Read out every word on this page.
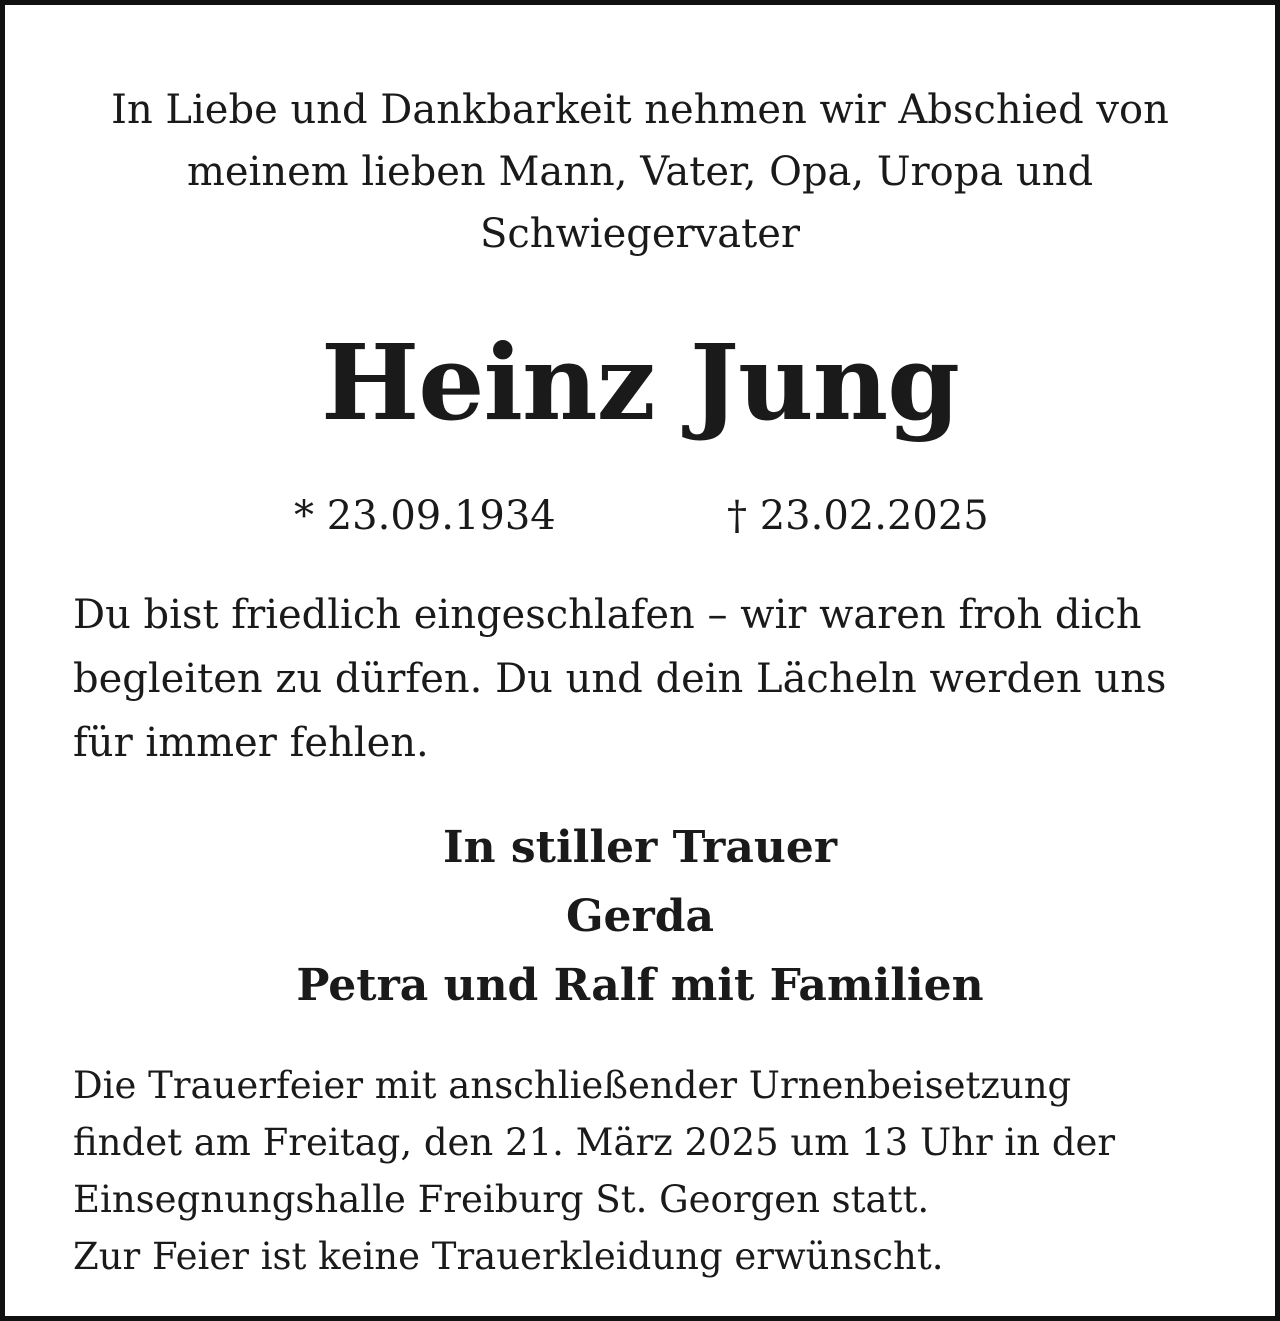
In Liebe und Dankbarkeit nehmen wir Abschied von
meinem lieben Mann, Vater, Opa, Uropa und
Schwiegervater
Heinz Jung
* 23.09.1934	† 23.02.2025
Du bist friedlich eingeschlafen – wir waren froh dich
begleiten zu dürfen. Du und dein Lächeln werden uns
für immer fehlen.
In stiller Trauer
Gerda
Petra und Ralf mit Familien
Die Trauerfeier mit anschließender Urnenbeisetzung
findet am Freitag, den 21. März 2025 um 13 Uhr in der
Einsegnungshalle Freiburg St. Georgen statt.
Zur Feier ist keine Trauerkleidung erwünscht.
